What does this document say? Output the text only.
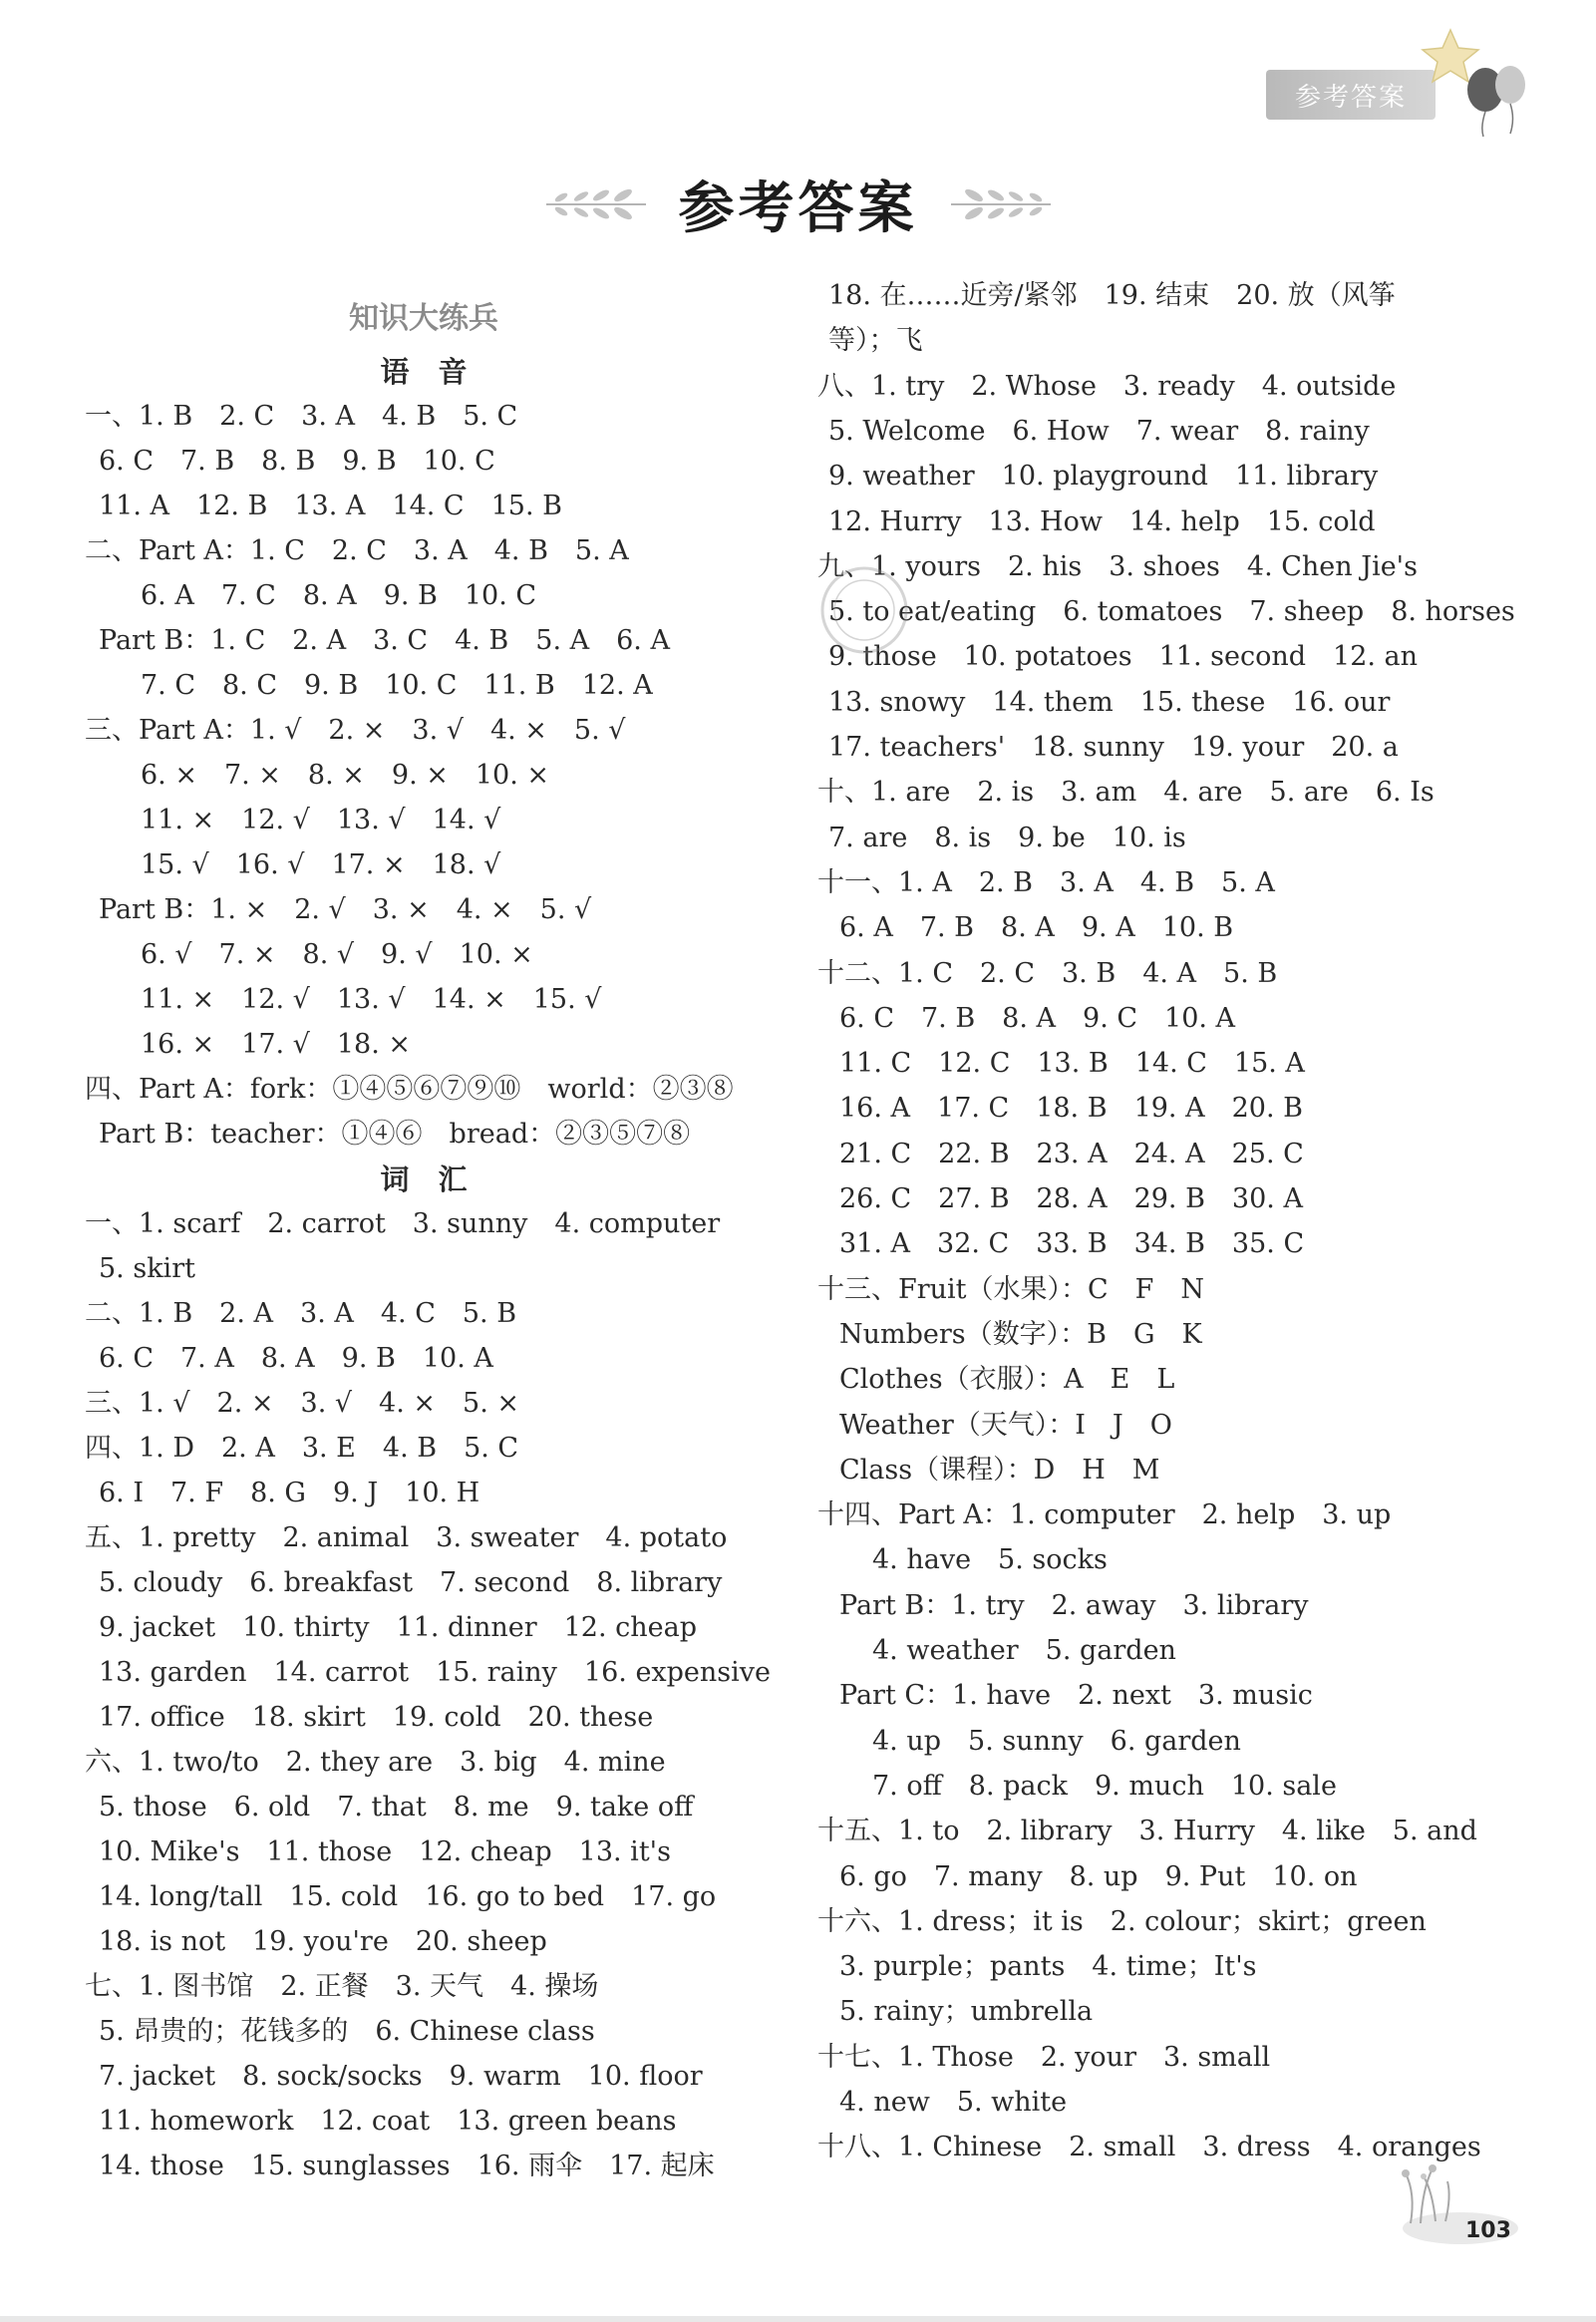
参考答案
参考答案
知识大练兵
语　音
一、1. B　2. C　3. A　4. B　5. C
6. C　7. B　8. B　9. B　10. C
11. A　12. B　13. A　14. C　15. B
二、Part A：1. C　2. C　3. A　4. B　5. A
6. A　7. C　8. A　9. B　10. C
Part B：1. C　2. A　3. C　4. B　5. A　6. A
7. C　8. C　9. B　10. C　11. B　12. A
三、Part A：1. √　2. ×　3. √　4. ×　5. √
6. ×　7. ×　8. ×　9. ×　10. ×
11. ×　12. √　13. √　14. √
15. √　16. √　17. ×　18. √
Part B：1. ×　2. √　3. ×　4. ×　5. √
6. √　7. ×　8. √　9. √　10. ×
11. ×　12. √　13. √　14. ×　15. √
16. ×　17. √　18. ×
四、Part A：fork：①④⑤⑥⑦⑨⑩　world：②③⑧
Part B：teacher：①④⑥　bread：②③⑤⑦⑧
词　汇
一、1. scarf　2. carrot　3. sunny　4. computer
5. skirt
二、1. B　2. A　3. A　4. C　5. B
6. C　7. A　8. A　9. B　10. A
三、1. √　2. ×　3. √　4. ×　5. ×
四、1. D　2. A　3. E　4. B　5. C
6. I　7. F　8. G　9. J　10. H
五、1. pretty　2. animal　3. sweater　4. potato
5. cloudy　6. breakfast　7. second　8. library
9. jacket　10. thirty　11. dinner　12. cheap
13. garden　14. carrot　15. rainy　16. expensive
17. office　18. skirt　19. cold　20. these
六、1. two/to　2. they are　3. big　4. mine
5. those　6. old　7. that　8. me　9. take off
10. Mike's　11. those　12. cheap　13. it's
14. long/tall　15. cold　16. go to bed　17. go
18. is not　19. you're　20. sheep
七、1. 图书馆　2. 正餐　3. 天气　4. 操场
5. 昂贵的；花钱多的　6. Chinese class
7. jacket　8. sock/socks　9. warm　10. floor
11. homework　12. coat　13. green beans
14. those　15. sunglasses　16. 雨伞　17. 起床
18. 在……近旁/紧邻　19. 结束　20. 放（风筝
等）；飞
八、1. try　2. Whose　3. ready　4. outside
5. Welcome　6. How　7. wear　8. rainy
9. weather　10. playground　11. library
12. Hurry　13. How　14. help　15. cold
九、1. yours　2. his　3. shoes　4. Chen Jie's
5. to eat/eating　6. tomatoes　7. sheep　8. horses
9. those　10. potatoes　11. second　12. an
13. snowy　14. them　15. these　16. our
17. teachers'　18. sunny　19. your　20. a
十、1. are　2. is　3. am　4. are　5. are　6. Is
7. are　8. is　9. be　10. is
十一、1. A　2. B　3. A　4. B　5. A
6. A　7. B　8. A　9. A　10. B
十二、1. C　2. C　3. B　4. A　5. B
6. C　7. B　8. A　9. C　10. A
11. C　12. C　13. B　14. C　15. A
16. A　17. C　18. B　19. A　20. B
21. C　22. B　23. A　24. A　25. C
26. C　27. B　28. A　29. B　30. A
31. A　32. C　33. B　34. B　35. C
十三、Fruit（水果）：C　F　N
Numbers（数字）：B　G　K
Clothes（衣服）：A　E　L
Weather（天气）：I　J　O
Class（课程）：D　H　M
十四、Part A：1. computer　2. help　3. up
4. have　5. socks
Part B：1. try　2. away　3. library
4. weather　5. garden
Part C：1. have　2. next　3. music
4. up　5. sunny　6. garden
7. off　8. pack　9. much　10. sale
十五、1. to　2. library　3. Hurry　4. like　5. and
6. go　7. many　8. up　9. Put　10. on
十六、1. dress；it is　2. colour；skirt；green
3. purple；pants　4. time；It's
5. rainy；umbrella
十七、1. Those　2. your　3. small
4. new　5. white
十八、1. Chinese　2. small　3. dress　4. oranges
103
